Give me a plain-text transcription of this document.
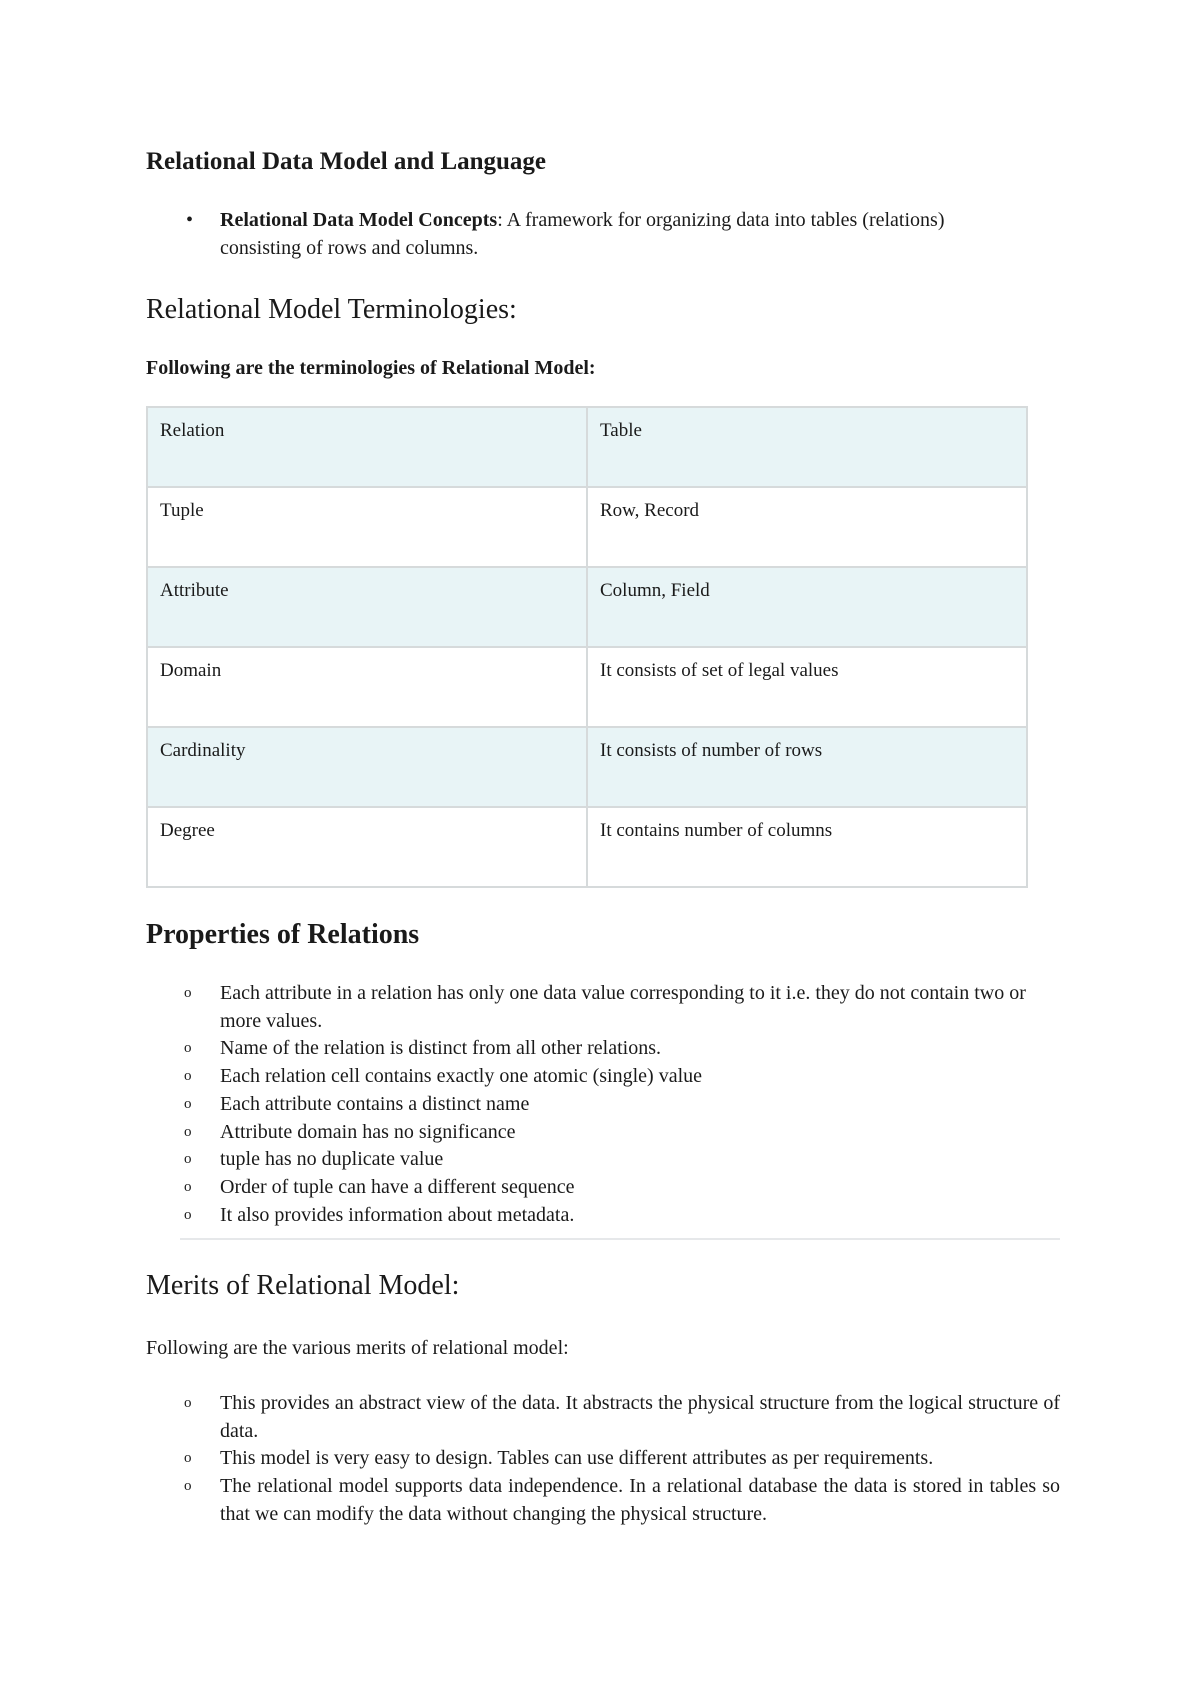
Relational Data Model and Language
• Relational Data Model Concepts: A framework for organizing data into tables (relations) consisting of rows and columns.
Relational Model Terminologies:

Following are the terminologies of Relational Model:

Relation	Table
Tuple	Row, Record
Attribute	Column, Field
Domain	It consists of set of legal values
Cardinality	It consists of number of rows
Degree	It contains number of columns
Properties of Relations
o Each attribute in a relation has only one data value corresponding to it i.e. they do not contain two or more values.
o Name of the relation is distinct from all other relations.
o Each relation cell contains exactly one atomic (single) value
o Each attribute contains a distinct name
o Attribute domain has no significance
o tuple has no duplicate value
o Order of tuple can have a different sequence
o It also provides information about metadata.
Merits of Relational Model:

Following are the various merits of relational model:

o This provides an abstract view of the data. It abstracts the physical structure from the logical structure of data.
o This model is very easy to design. Tables can use different attributes as per requirements.
o The relational model supports data independence. In a relational database the data is stored in tables so that we can modify the data without changing the physical structure.
